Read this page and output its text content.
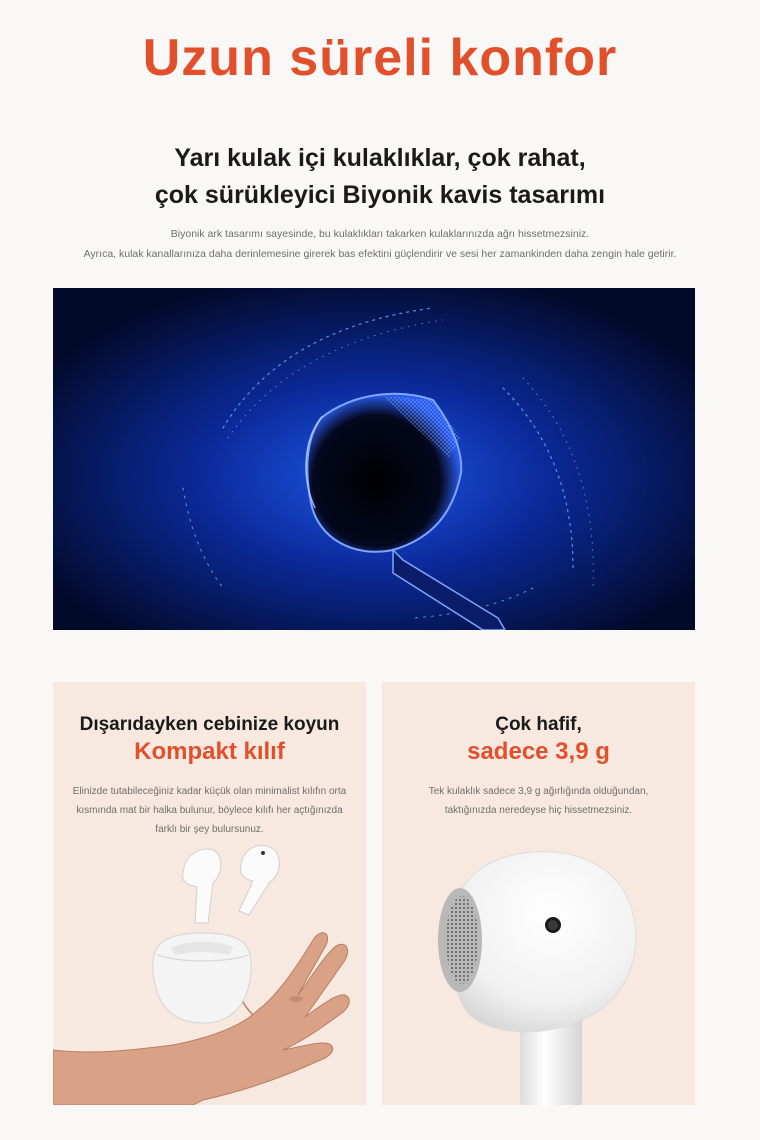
Uzun süreli konfor
Yarı kulak içi kulaklıklar, çok rahat,
çok sürükleyici Biyonik kavis tasarımı

Biyonik ark tasarımı sayesinde, bu kulaklıkları takarken kulaklarınızda ağrı hissetmezsiniz.
Ayrıca, kulak kanallarınıza daha derinlemesine girerek bas efektini güçlendirir ve sesi her zamankinden daha zengin hale getirir.

Dışarıdayken cebinize koyun
Kompakt kılıf

Elinizde tutabileceğiniz kadar küçük olan minimalist kılıfın orta
kısmında mat bir halka bulunur, böylece kılıfı her açtığınızda
farklı bir şey bulursunuz.

Çok hafif,
sadece 3,9 g

Tek kulaklık sadece 3,9 g ağırlığında olduğundan,
taktığınızda neredeyse hiç hissetmezsiniz.
